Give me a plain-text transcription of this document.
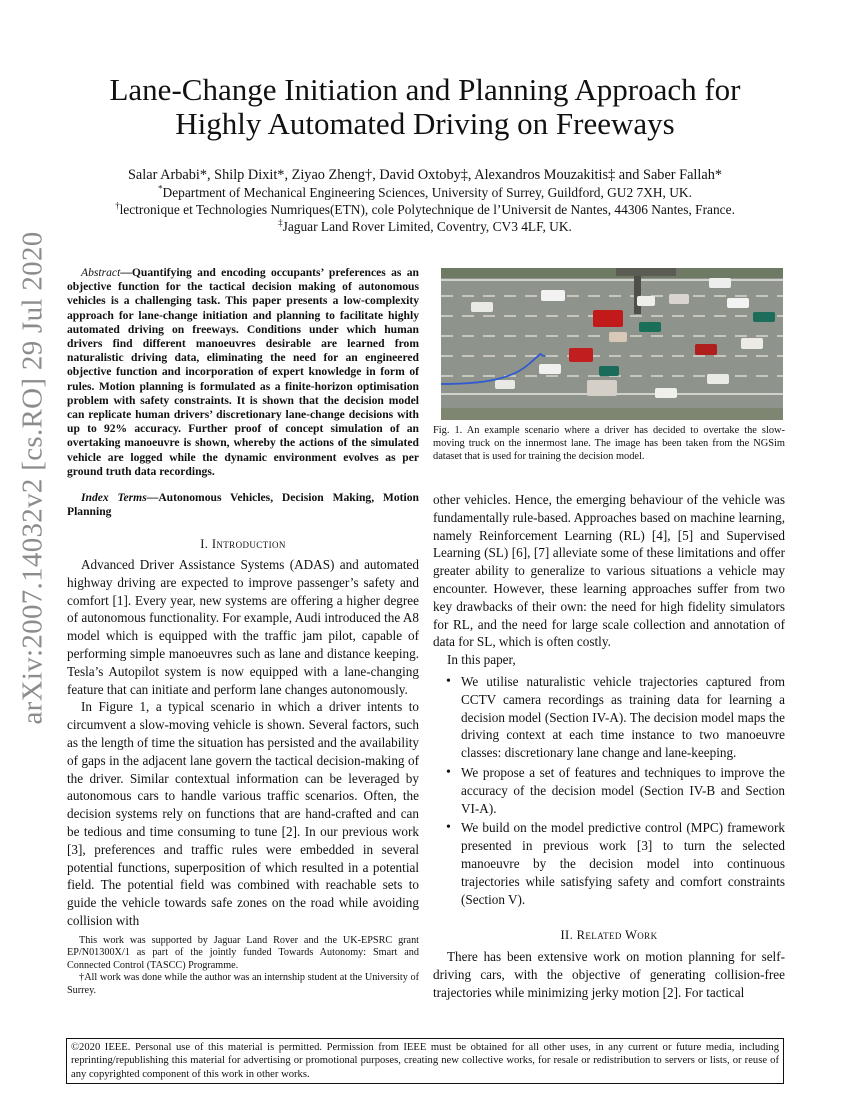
arXiv:2007.14032v2 [cs.RO] 29 Jul 2020
Lane-Change Initiation and Planning Approach for
Highly Automated Driving on Freeways
Salar Arbabi*, Shilp Dixit*, Ziyao Zheng†, David Oxtoby‡, Alexandros Mouzakitis‡ and Saber Fallah*
*Department of Mechanical Engineering Sciences, University of Surrey, Guildford, GU2 7XH, UK.
†lectronique et Technologies Numriques(ETN), cole Polytechnique de l’Universit de Nantes, 44306 Nantes, France.
‡Jaguar Land Rover Limited, Coventry, CV3 4LF, UK.
Abstract—Quantifying and encoding occupants’ preferences as an objective function for the tactical decision making of autonomous vehicles is a challenging task. This paper presents a low-complexity approach for lane-change initiation and planning to facilitate highly automated driving on freeways. Conditions under which human drivers find different manoeuvres desirable are learned from naturalistic driving data, eliminating the need for an engineered objective function and incorporation of expert knowledge in form of rules. Motion planning is formulated as a finite-horizon optimisation problem with safety constraints. It is shown that the decision model can replicate human drivers’ discretionary lane-change decisions with up to 92% accuracy. Further proof of concept simulation of an overtaking manoeuvre is shown, whereby the actions of the simulated vehicle are logged while the dynamic environment evolves as per ground truth data recordings.
Index Terms—Autonomous Vehicles, Decision Making, Motion Planning
I. Introduction

Advanced Driver Assistance Systems (ADAS) and automated highway driving are expected to improve passenger’s safety and comfort [1]. Every year, new systems are offering a higher degree of autonomous functionality. For example, Audi introduced the A8 model which is equipped with the traffic jam pilot, capable of performing simple manoeuvres such as lane and distance keeping. Tesla’s Autopilot system is now equipped with a lane-changing feature that can initiate and perform lane changes autonomously.

In Figure 1, a typical scenario in which a driver intents to circumvent a slow-moving vehicle is shown. Several factors, such as the length of time the situation has persisted and the availability of gaps in the adjacent lane govern the tactical decision-making of the driver. Similar contextual information can be leveraged by autonomous cars to handle various traffic scenarios. Often, the decision systems rely on functions that are hand-crafted and can be tedious and time consuming to tune [2]. In our previous work [3], preferences and traffic rules were embedded in several potential functions, superposition of which resulted in a potential field. The potential field was combined with reachable sets to guide the vehicle towards safe zones on the road while avoiding collision with

This work was supported by Jaguar Land Rover and the UK-EPSRC grant EP/N01300X/1 as part of the jointly funded Towards Autonomy: Smart and Connected Control (TASCC) Programme.

†All work was done while the author was an internship student at the University of Surrey.

Fig. 1. An example scenario where a driver has decided to overtake the slow-moving truck on the innermost lane. The image has been taken from the NGSim dataset that is used for training the decision model.

other vehicles. Hence, the emerging behaviour of the vehicle was fundamentally rule-based. Approaches based on machine learning, namely Reinforcement Learning (RL) [4], [5] and Supervised Learning (SL) [6], [7] alleviate some of these limitations and offer greater ability to generalize to various situations a vehicle may encounter. However, these learning approaches suffer from two key drawbacks of their own: the need for high fidelity simulators for RL, and the need for large scale collection and annotation of data for SL, which is often costly.

In this paper,

• We utilise naturalistic vehicle trajectories captured from CCTV camera recordings as training data for learning a decision model (Section IV-A). The decision model maps the driving context at each time instance to two manoeuvre classes: discretionary lane change and lane-keeping.
• We propose a set of features and techniques to improve the accuracy of the decision model (Section IV-B and Section VI-A).
• We build on the model predictive control (MPC) framework presented in previous work [3] to turn the selected manoeuvre by the decision model into continuous trajectories while satisfying safety and comfort constraints (Section V).
II. Related Work

There has been extensive work on motion planning for self-driving cars, with the objective of generating collision-free trajectories while minimizing jerky motion [2]. For tactical

©2020 IEEE. Personal use of this material is permitted. Permission from IEEE must be obtained for all other uses, in any current or future media, including reprinting/republishing this material for advertising or promotional purposes, creating new collective works, for resale or redistribution to servers or lists, or reuse of any copyrighted component of this work in other works.
